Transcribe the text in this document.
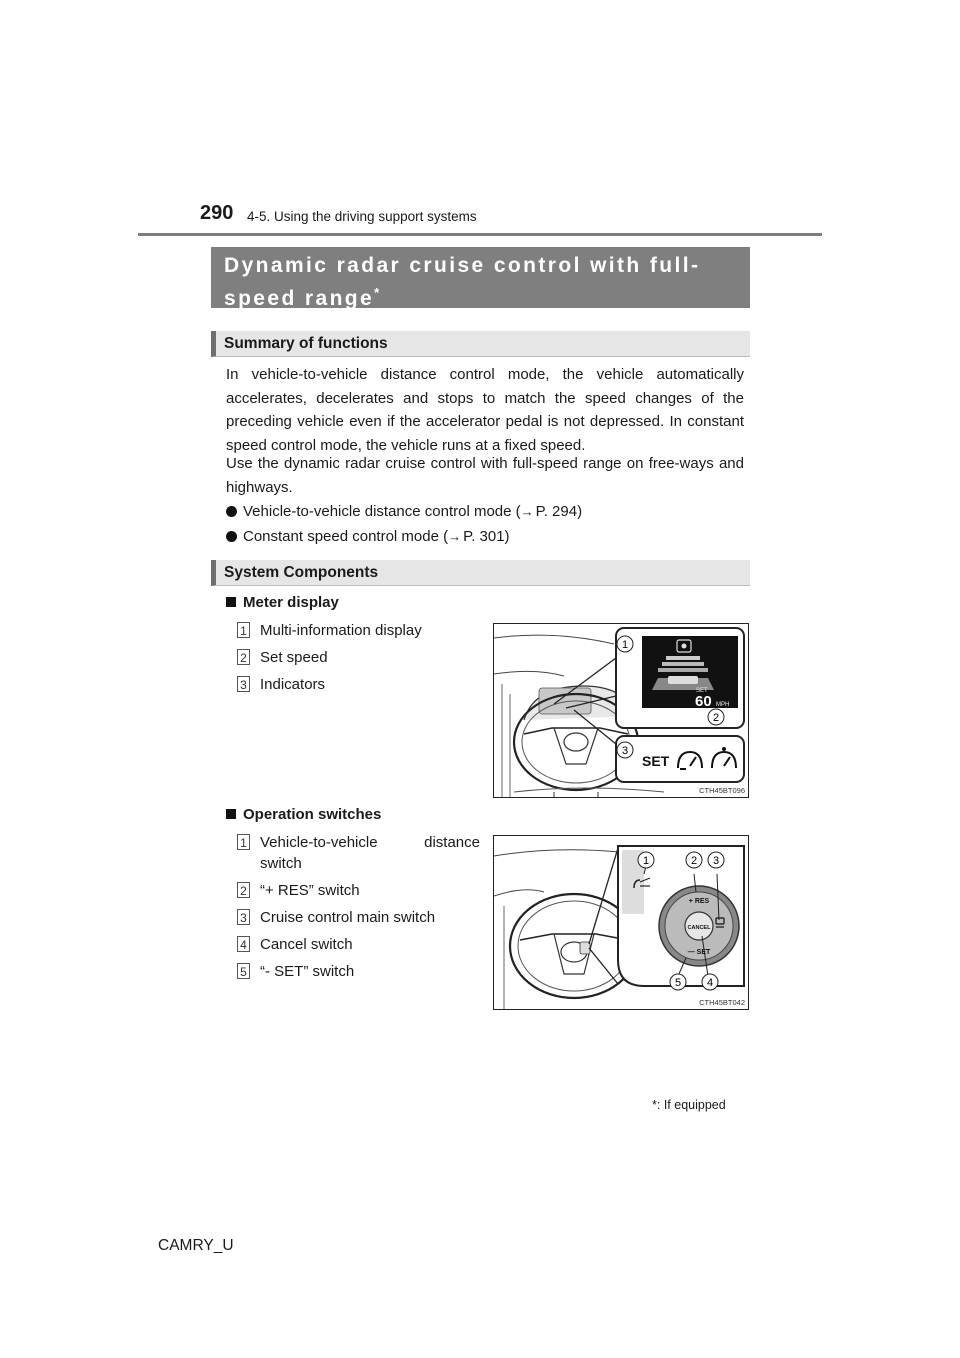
290 4-5. Using the driving support systems
Dynamic radar cruise control with full-
speed range*
Summary of functions

In vehicle-to-vehicle distance control mode, the vehicle automatically accelerates, decelerates and stops to match the speed changes of the preceding vehicle even if the accelerator pedal is not depressed. In constant speed control mode, the vehicle runs at a fixed speed.

Use the dynamic radar cruise control with full-speed range on free-ways and highways.

Vehicle-to-vehicle distance control mode (→ P. 294)
Constant speed control mode (→ P. 301)
System Components
Meter display
1 Multi-information display
2 Set speed
3 Indicators	SET
60 MPH
1
2
3
SET
CTH45BT096
Operation switches
1 Vehicle-to-vehicle distance switch
2 “+ RES” switch
3 Cruise control main switch
4 Cancel switch
5 “- SET” switch
+ RES
CANCEL
— SET
1	2 3
5 4
CTH45BT042
*: If equipped
CAMRY_U
